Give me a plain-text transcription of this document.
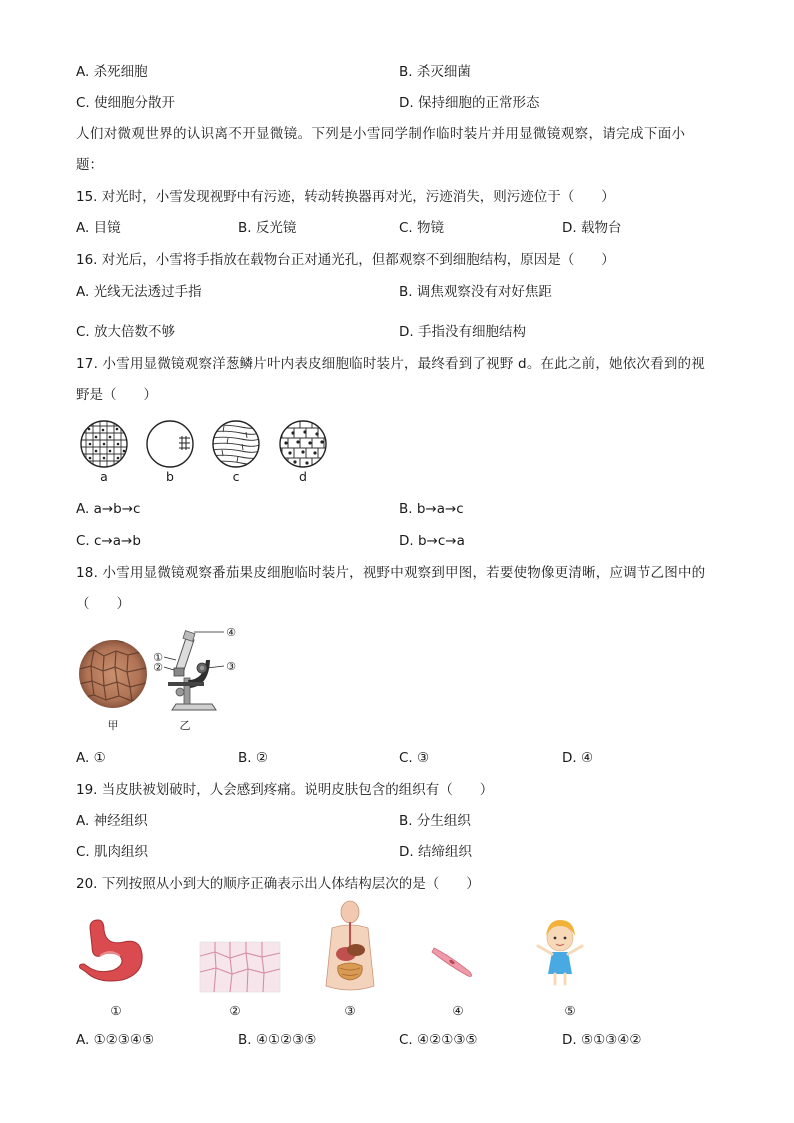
A. 杀死细胞	B. 杀灭细菌
C. 使细胞分散开	D. 保持细胞的正常形态
人们对微观世界的认识离不开显微镜。下列是小雪同学制作临时装片并用显微镜观察，请完成下面小
题：
15. 对光时，小雪发现视野中有污迹，转动转换器再对光，污迹消失，则污迹位于（　　）
A. 目镜	B. 反光镜	C. 物镜	D. 载物台
16. 对光后，小雪将手指放在载物台正对通光孔，但都观察不到细胞结构，原因是（　　）
A. 光线无法透过手指	B. 调焦观察没有对好焦距
C. 放大倍数不够	D. 手指没有细胞结构
17. 小雪用显微镜观察洋葱鳞片叶内表皮细胞临时装片，最终看到了视野 d。在此之前，她依次看到的视
野是（　　）
a	b	c	d
A. a→b→c	B. b→a→c
C. c→a→b	D. b→c→a
18. 小雪用显微镜观察番茄果皮细胞临时装片，视野中观察到甲图，若要使物像更清晰，应调节乙图中的
（　　）
④
①
②	③
甲	乙
A. ①	B. ②	C. ③	D. ④
19. 当皮肤被划破时，人会感到疼痛。说明皮肤包含的组织有（　　）
A. 神经组织	B. 分生组织
C. 肌肉组织	D. 结缔组织
20. 下列按照从小到大的顺序正确表示出人体结构层次的是（　　）
①	②	③	④	⑤
A. ①②③④⑤	B. ④①②③⑤	C. ④②①③⑤	D. ⑤①③④②
